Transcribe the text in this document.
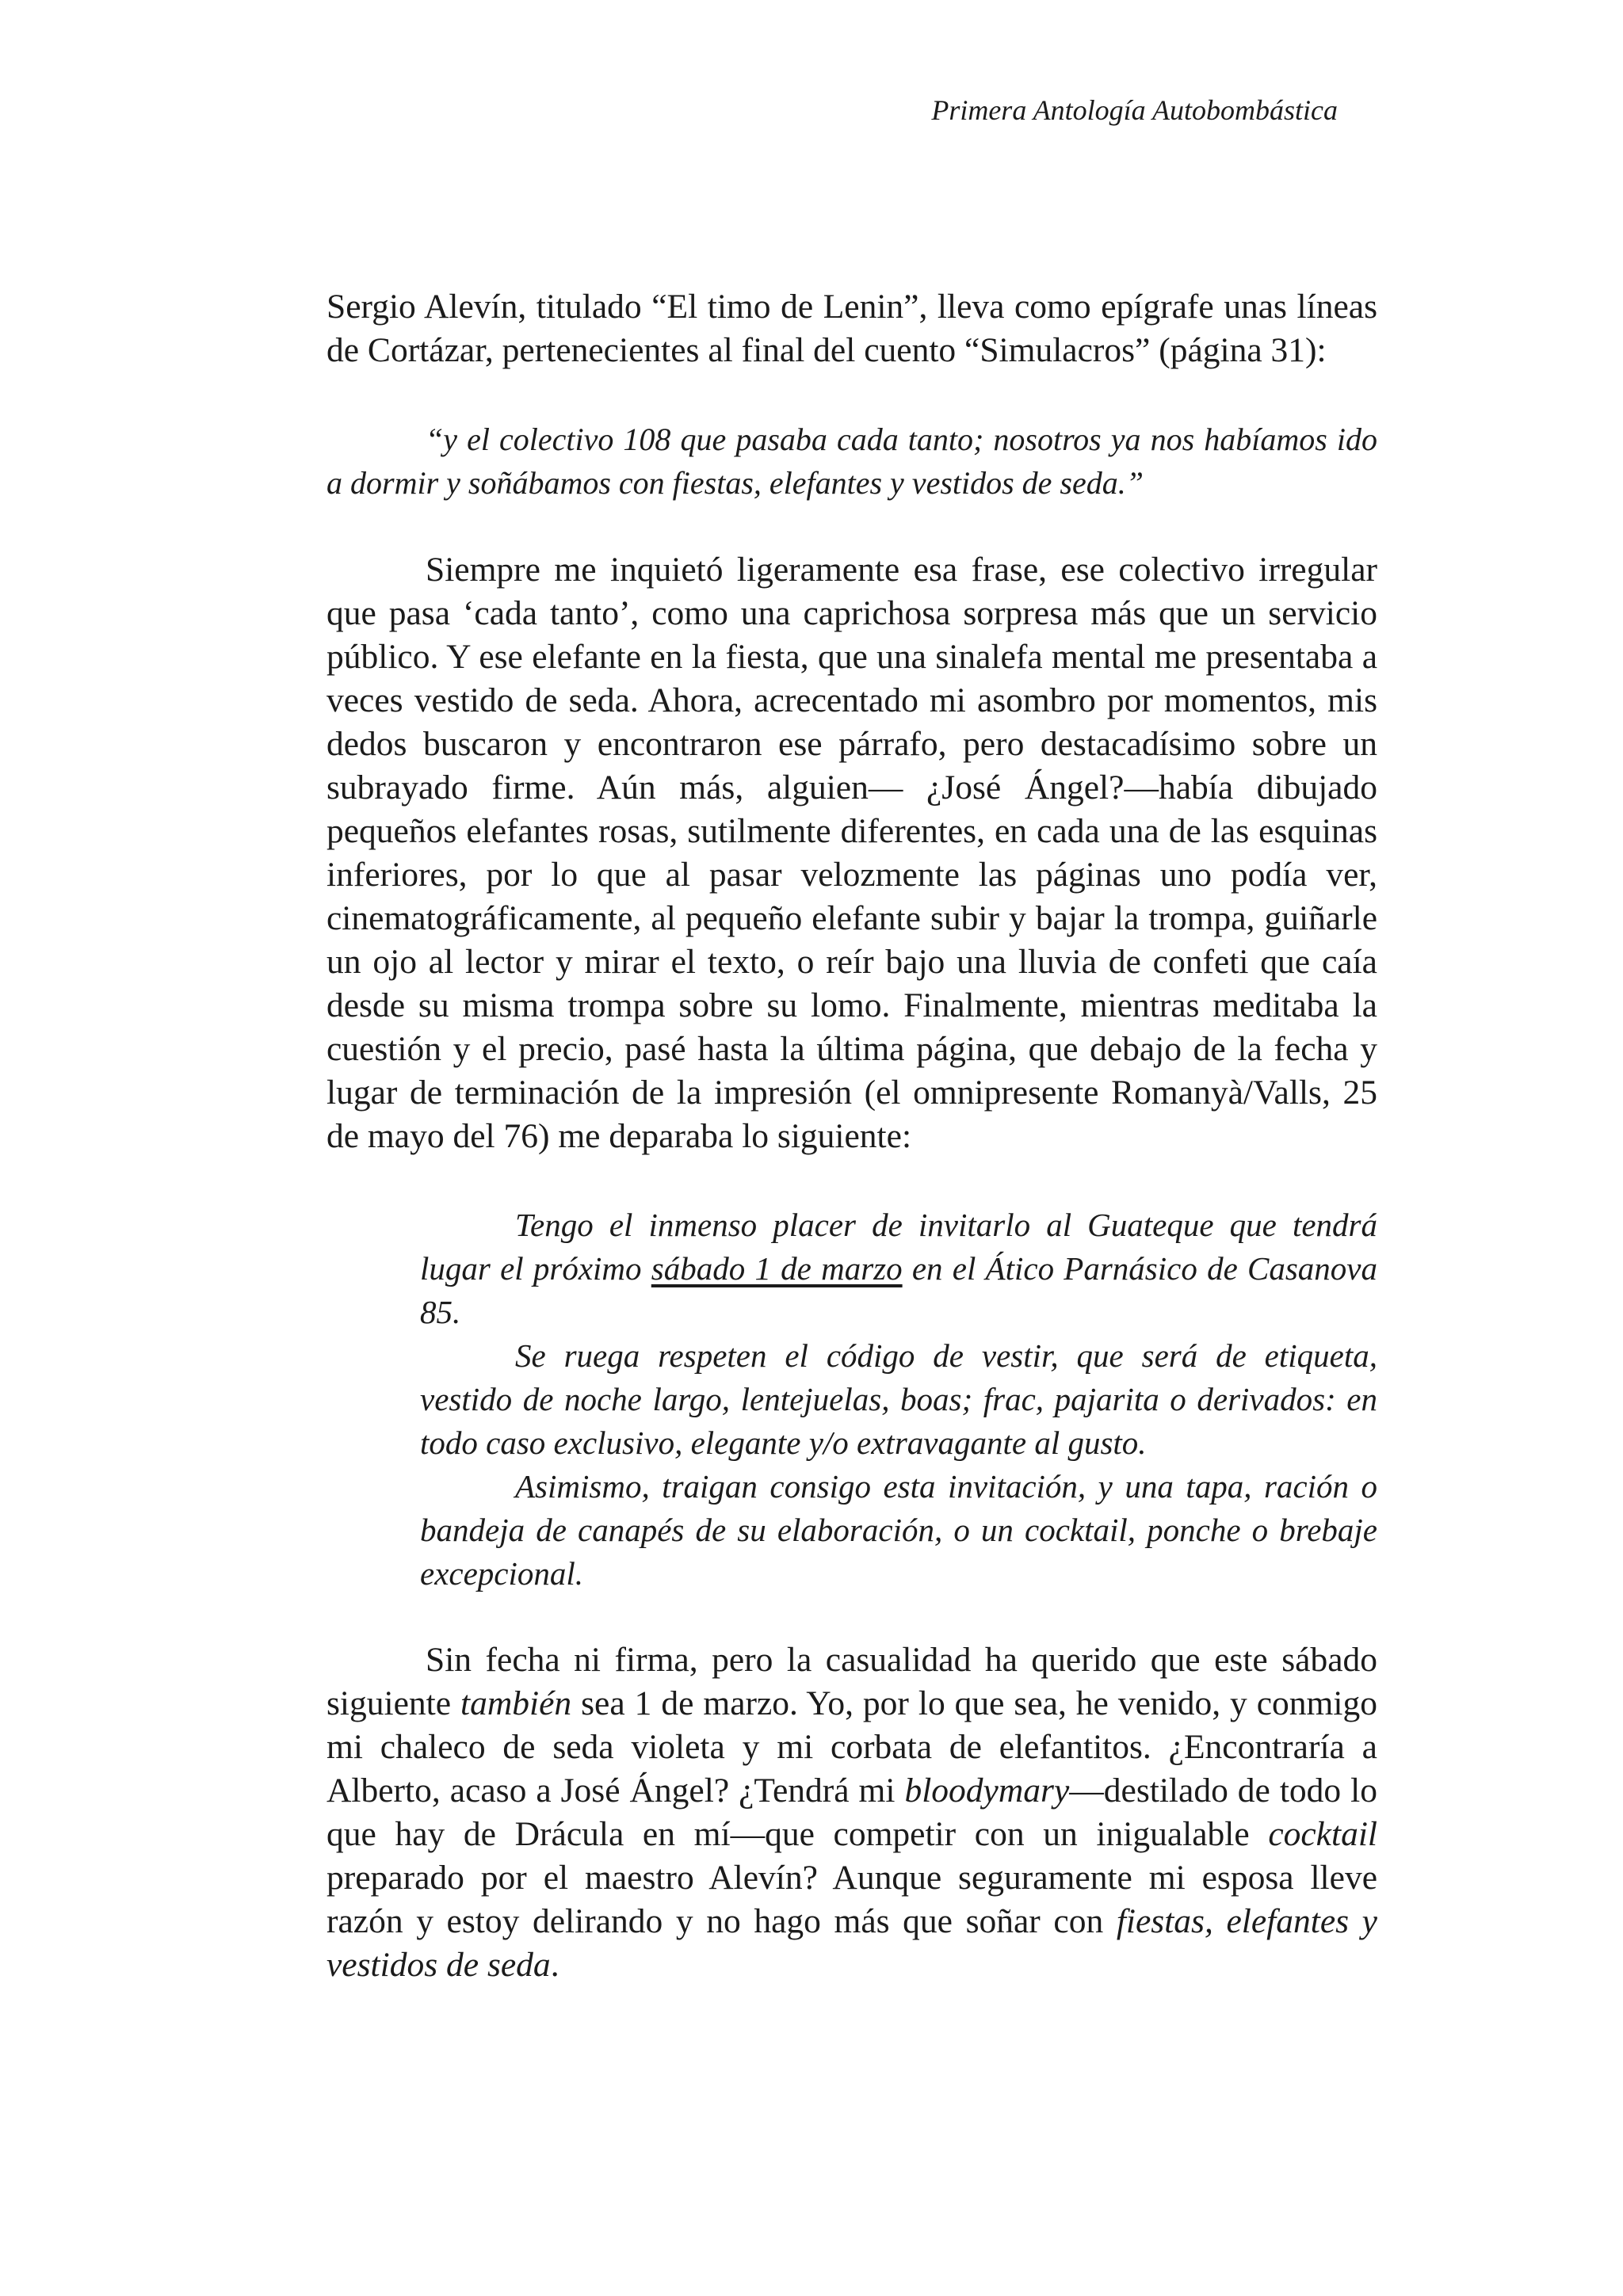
Primera Antología Autobombástica

Sergio Alevín, titulado “El timo de Lenin”, lleva como epígrafe unas líneas de Cortázar, pertenecientes al final del cuento “Simulacros” (página 31):

“y el colectivo 108 que pasaba cada tanto; nosotros ya nos habíamos ido a dormir y soñábamos con fiestas, elefantes y vestidos de seda.”

Siempre me inquietó ligeramente esa frase, ese colectivo irregular que pasa ‘cada tanto’, como una caprichosa sorpresa más que un servicio público. Y ese elefante en la fiesta, que una sinalefa mental me presentaba a veces vestido de seda. Ahora, acrecentado mi asombro por momentos, mis dedos buscaron y encontraron ese párrafo, pero destacadísimo sobre un subrayado firme. Aún más, alguien— ¿José Ángel?—había dibujado pequeños elefantes rosas, sutilmente diferentes, en cada una de las esquinas inferiores, por lo que al pasar velozmente las páginas uno podía ver, cinematográficamente, al pequeño elefante subir y bajar la trompa, guiñarle un ojo al lector y mirar el texto, o reír bajo una lluvia de confeti que caía desde su misma trompa sobre su lomo. Finalmente, mientras meditaba la cuestión y el precio, pasé hasta la última página, que debajo de la fecha y lugar de terminación de la impresión (el omnipresente Romanyà/Valls, 25 de mayo del 76) me deparaba lo siguiente:

Tengo el inmenso placer de invitarlo al Guateque que tendrá lugar el próximo sábado 1 de marzo en el Ático Parnásico de Casanova 85.

Se ruega respeten el código de vestir, que será de etiqueta, vestido de noche largo, lentejuelas, boas; frac, pajarita o derivados: en todo caso exclusivo, elegante y/o extravagante al gusto.

Asimismo, traigan consigo esta invitación, y una tapa, ración o bandeja de canapés de su elaboración, o un cocktail, ponche o brebaje excepcional.

Sin fecha ni firma, pero la casualidad ha querido que este sábado siguiente también sea 1 de marzo. Yo, por lo que sea, he venido, y conmigo mi chaleco de seda violeta y mi corbata de elefantitos. ¿Encontraría a Alberto, acaso a José Ángel? ¿Tendrá mi bloodymary—destilado de todo lo que hay de Drácula en mí—que competir con un inigualable cocktail preparado por el maestro Alevín? Aunque seguramente mi esposa lleve razón y estoy delirando y no hago más que soñar con fiestas, elefantes y vestidos de seda.
